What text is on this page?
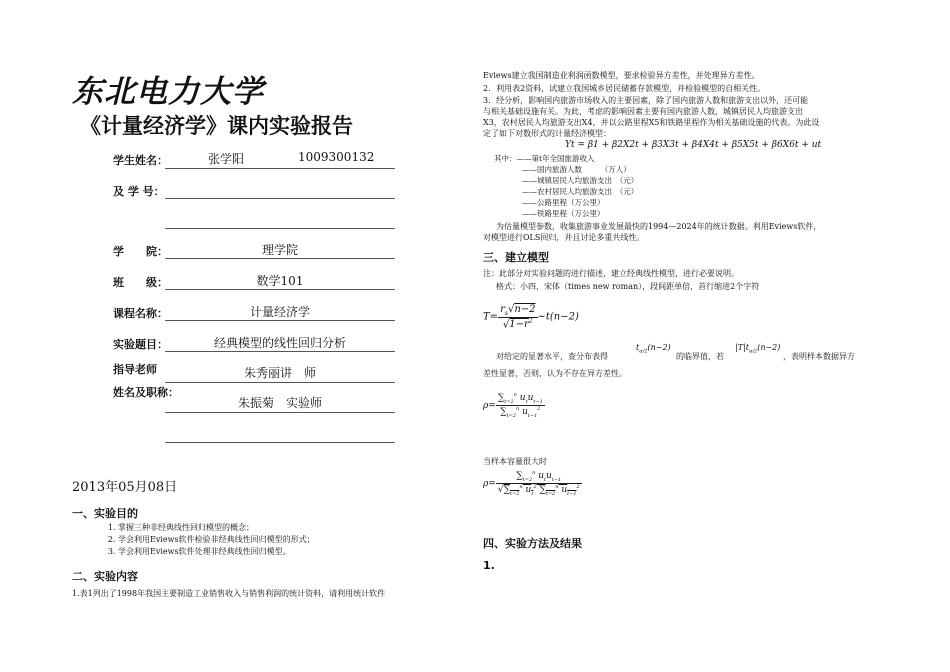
东北电力大学
《计量经济学》课内实验报告
学生姓名：	张学阳	1009300132
及 学 号：
学　　院：	理学院
班　　级：	数学101
课程名称：	计量经济学
实验题目：	经典模型的线性回归分析
指导老师	朱秀丽讲　师
姓名及职称：
朱振菊　实验师
2013年05月08日
一、实验目的
1. 掌握三种非经典线性回归模型的概念；
2. 学会利用Eviews软件检验非经典线性回归模型的形式；
3. 学会利用Eviews软件处理非经典线性回归模型。
二、实验内容
1.表1列出了1998年我国主要制造工业销售收入与销售利润的统计资料，请利用统计软件
Eviews建立我国制造业利润函数模型，要求检验异方差性，并处理异方差性。
2．利用表2资料，试建立我国城乡居民储蓄存款模型，并检验模型的自相关性。
3．经分析，影响国内旅游市场收入的主要因素，除了国内旅游人数和旅游支出以外，还可能
与相关基础设施有关。为此，考虑的影响因素主要有国内旅游人数，城镇居民人均旅游支出
X3，农村居民人均旅游支出X4，并以公路里程X5和铁路里程作为相关基础设施的代表。为此设
定了如下对数形式的计量经济模型：
Yt = β1 + β2X2t + β3X3t + β4X4t + β5X5t + β6X6t + ut
其中：——第t年全国旅游收入
——国内旅游人数　　　（万人）
——城镇居民人均旅游支出　（元）
——农村居民人均旅游支出　（元）
——公路里程（万公里）
——铁路里程（万公里）
为估量模型参数，收集旅游事业发展最快的1994—2024年的统计数据。利用Eviews软件，
对模型进行OLS回归，并且讨论多重共线性。
三、建立模型
注：此部分对实验问题的进行描述，建立经典线性模型，进行必要说明。
格式：小四，宋体（times new roman），段间距单倍，首行缩进2个字符
$T= \frac{r_s√n-2}{√1-r^2}$ ~t(n−2)
$t_{\alpha/2}(n-2)$	$|T|t_{\alpha/2}(n-2)$
对给定的显著水平，查分布表得	的临界值，若	，表明样本数据异方
差性显著，否则，认为不存在异方差性。
$\rho= \frac{\sum_{t=2}^n u_tu_{t-1}}{\sum_{t=2}^n u_{t-1}^2}$
当样本容量很大时
$\rho= \frac{\sum_{t=2}^n u_tu_{t-1}}{√\sum_{t=2}^n u_t^2 \sum_{t=2}^n u_{t-1}^2}$
四、实验方法及结果
1.
